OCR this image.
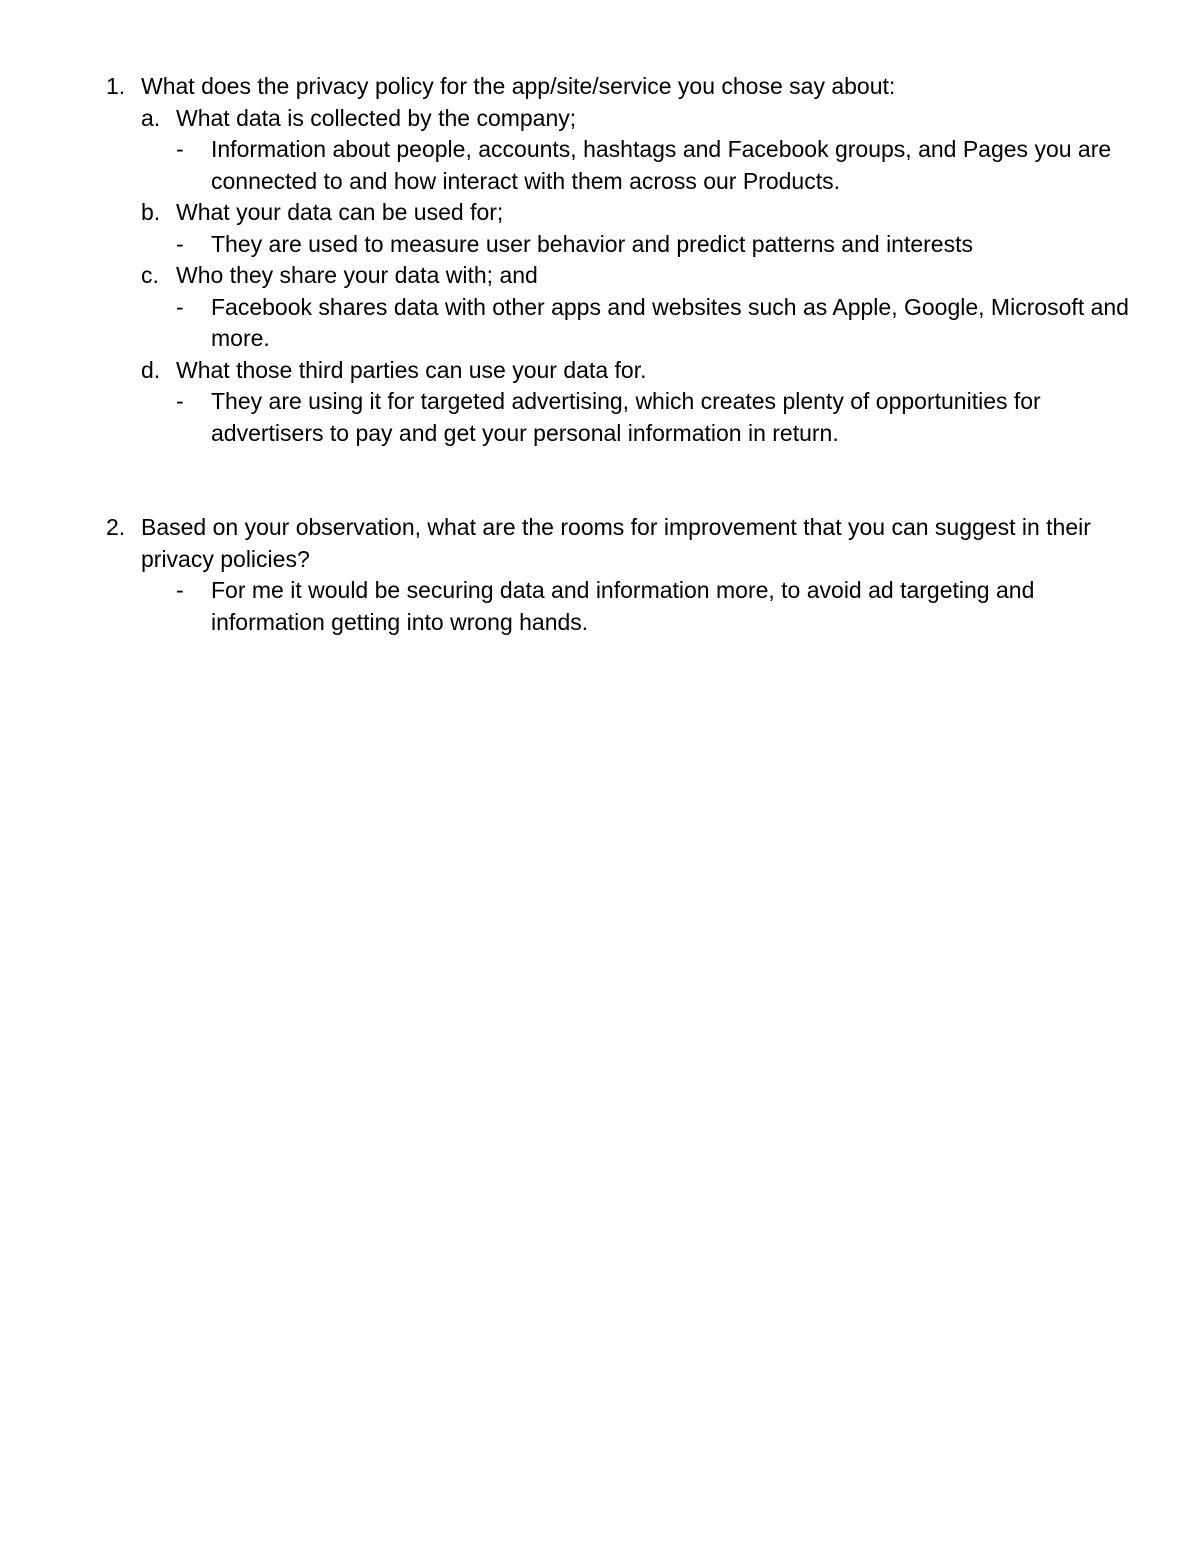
1. What does the privacy policy for the app/site/service you chose say about:
a. What data is collected by the company;
-	Information about people, accounts, hashtags and Facebook groups, and Pages you are connected to and how interact with them across our Products.
b. What your data can be used for;
-	They are used to measure user behavior and predict patterns and interests
c. Who they share your data with; and
-	Facebook shares data with other apps and websites such as Apple, Google, Microsoft and more.
d. What those third parties can use your data for.
-	They are using it for targeted advertising, which creates plenty of opportunities for advertisers to pay and get your personal information in return.
2. Based on your observation, what are the rooms for improvement that you can suggest in their privacy policies?
-	For me it would be securing data and information more, to avoid ad targeting and information getting into wrong hands.
